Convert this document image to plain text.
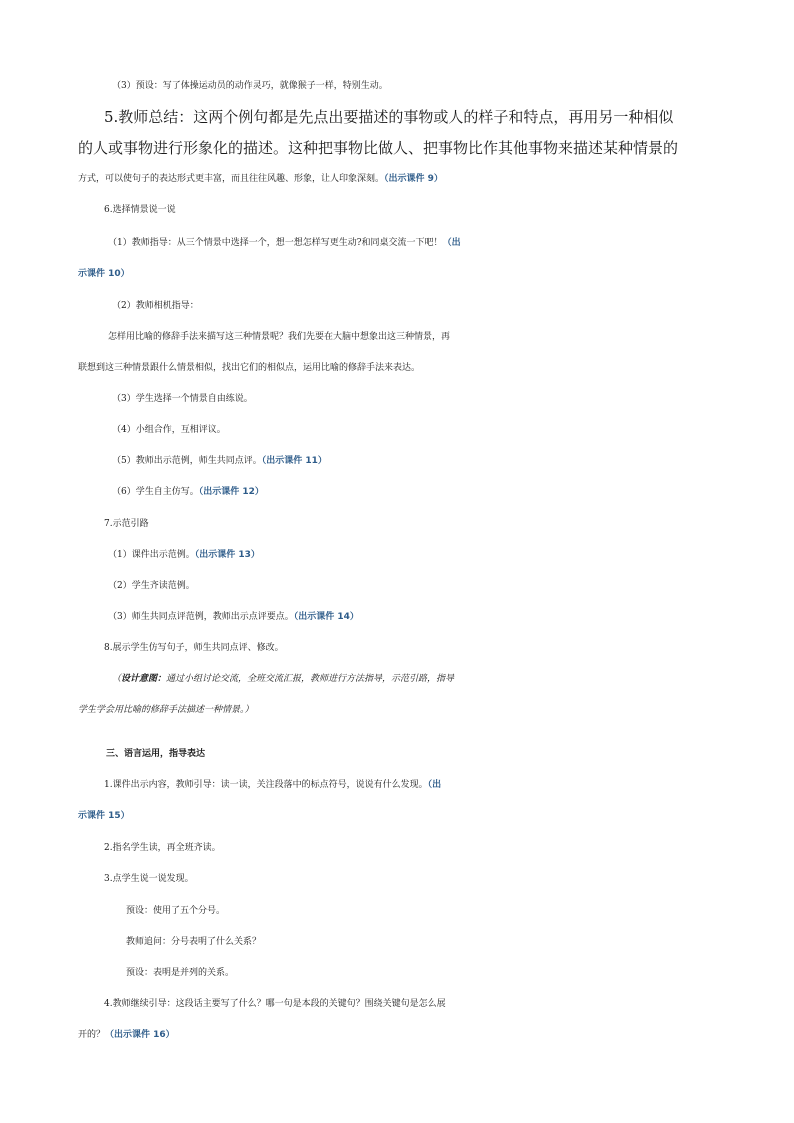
（3）预设：写了体操运动员的动作灵巧，就像猴子一样，特别生动。
5.教师总结：这两个例句都是先点出要描述的事物或人的样子和特点，再用另一种相似
的人或事物进行形象化的描述。这种把事物比做人、把事物比作其他事物来描述某种情景的
方式，可以使句子的表达形式更丰富，而且往往风趣、形象，让人印象深刻。（出示课件 9）
6.选择情景说一说
（1）教师指导：从三个情景中选择一个，想一想怎样写更生动?和同桌交流一下吧！（出
示课件 10）
（2）教师相机指导：
怎样用比喻的修辞手法来描写这三种情景呢？我们先要在大脑中想象出这三种情景，再
联想到这三种情景跟什么情景相似，找出它们的相似点，运用比喻的修辞手法来表达。
（3）学生选择一个情景自由练说。
（4）小组合作，互相评议。
（5）教师出示范例，师生共同点评。（出示课件 11）
（6）学生自主仿写。（出示课件 12）
7.示范引路
（1）课件出示范例。（出示课件 13）
（2）学生齐读范例。
（3）师生共同点评范例，教师出示点评要点。（出示课件 14）
8.展示学生仿写句子，师生共同点评、修改。
（设计意图：通过小组讨论交流，全班交流汇报，教师进行方法指导，示范引路，指导
学生学会用比喻的修辞手法描述一种情景。）
三、语言运用，指导表达
1.课件出示内容，教师引导：读一读，关注段落中的标点符号，说说有什么发现。（出
示课件 15）
2.指名学生读，再全班齐读。
3.点学生说一说发现。
预设：使用了五个分号。
教师追问：分号表明了什么关系？
预设：表明是并列的关系。
4.教师继续引导：这段话主要写了什么？哪一句是本段的关键句？围绕关键句是怎么展
开的？（出示课件 16）
